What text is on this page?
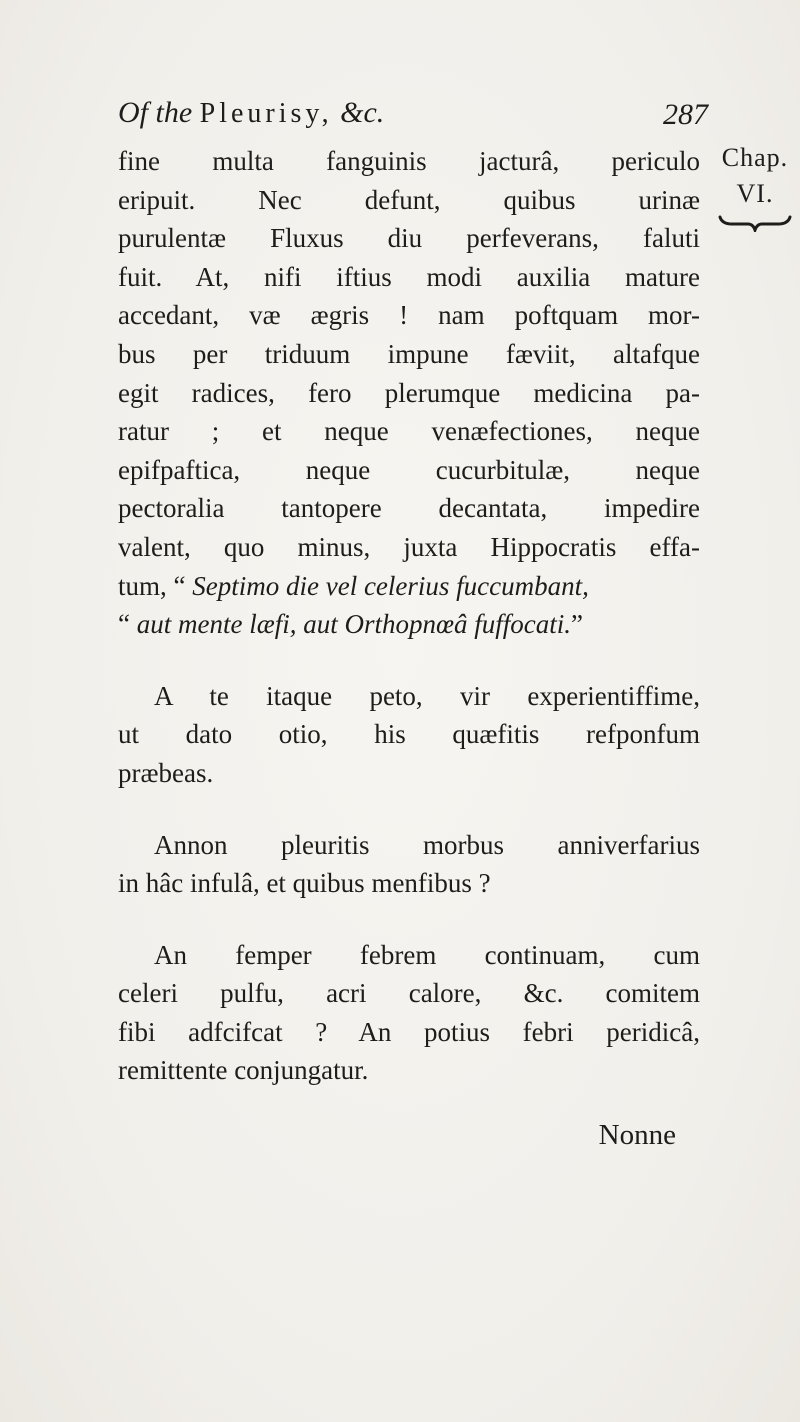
Of the Pleurisy, &c.	287
Chap.
VI.
fine multa fanguinis jacturâ, periculo
eripuit. Nec defunt, quibus urinæ
purulentæ Fluxus diu perfeverans, faluti
fuit. At, nifi iftius modi auxilia mature
accedant, væ ægris ! nam poftquam mor-
bus per triduum impune fæviit, altafque
egit radices, fero plerumque medicina pa-
ratur ; et neque venæfectiones, neque
epifpaftica, neque cucurbitulæ, neque
pectoralia tantopere decantata, impedire
valent, quo minus, juxta Hippocratis effa-
tum, “ Septimo die vel celerius fuccumbant,
“ aut mente læfi, aut Orthopnœâ fuffocati.”
A te itaque peto, vir experientiffime,
ut dato otio, his quæfitis refponfum
præbeas.
Annon pleuritis morbus anniverfarius
in hâc infulâ, et quibus menfibus ?
An femper febrem continuam, cum
celeri pulfu, acri calore, &c. comitem
fibi adfcifcat ? An potius febri peridicâ,
remittente conjungatur.
Nonne
